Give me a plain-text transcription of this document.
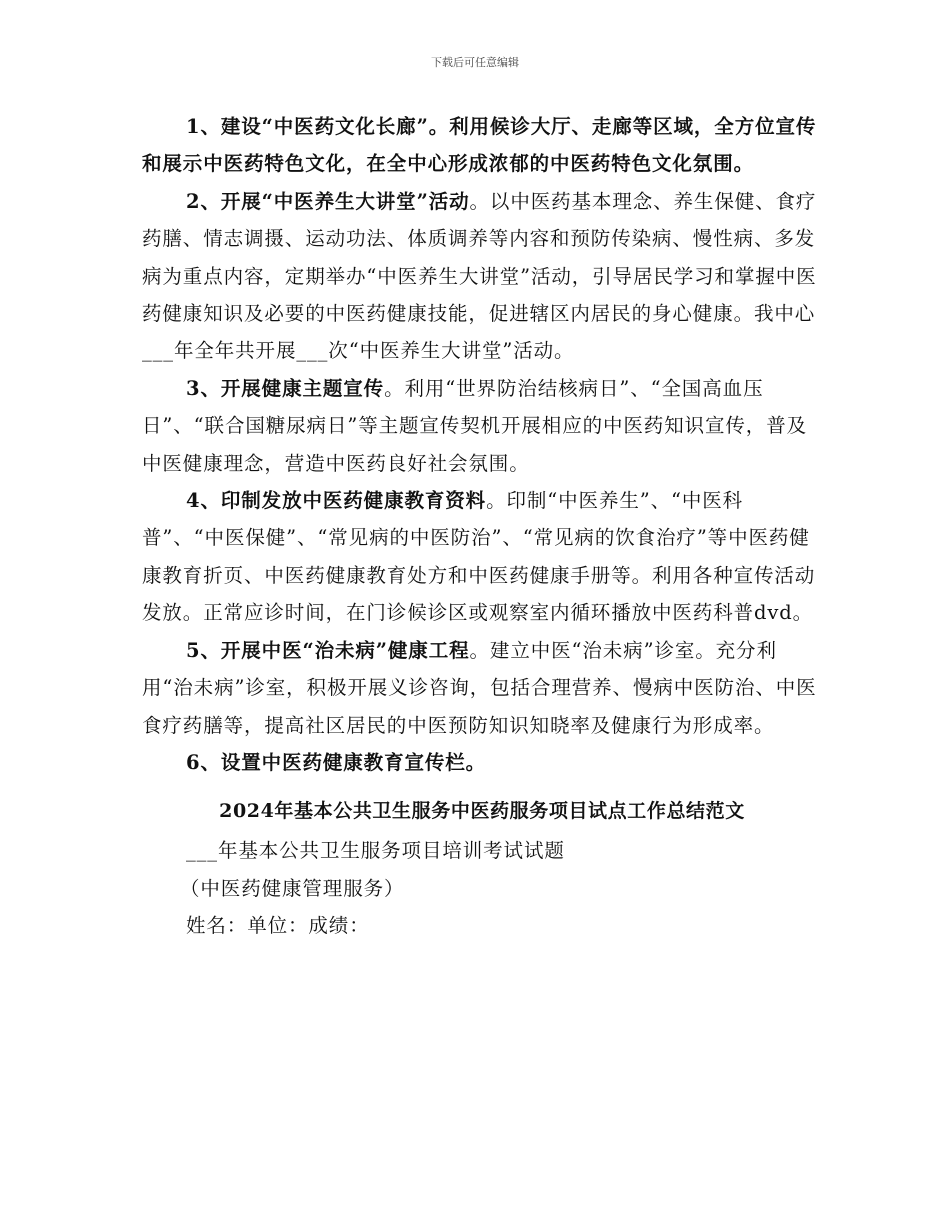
下载后可任意编辑

1、建设“中医药文化长廊”。利用候诊大厅、走廊等区域，全方位宣传和展示中医药特色文化，在全中心形成浓郁的中医药特色文化氛围。

2、开展“中医养生大讲堂”活动。以中医药基本理念、养生保健、食疗药膳、情志调摄、运动功法、体质调养等内容和预防传染病、慢性病、多发病为重点内容，定期举办“中医养生大讲堂”活动，引导居民学习和掌握中医药健康知识及必要的中医药健康技能，促进辖区内居民的身心健康。我中心___年全年共开展___次“中医养生大讲堂”活动。

3、开展健康主题宣传。利用“世界防治结核病日”、“全国高血压日”、“联合国糖尿病日”等主题宣传契机开展相应的中医药知识宣传，普及中医健康理念，营造中医药良好社会氛围。

4、印制发放中医药健康教育资料。印制“中医养生”、“中医科普”、“中医保健”、“常见病的中医防治”、“常见病的饮食治疗”等中医药健康教育折页、中医药健康教育处方和中医药健康手册等。利用各种宣传活动发放。正常应诊时间，在门诊候诊区或观察室内循环播放中医药科普dvd。

5、开展中医“治未病”健康工程。建立中医“治未病”诊室。充分利用“治未病”诊室，积极开展义诊咨询，包括合理营养、慢病中医防治、中医食疗药膳等，提高社区居民的中医预防知识知晓率及健康行为形成率。

6、设置中医药健康教育宣传栏。

2024年基本公共卫生服务中医药服务项目试点工作总结范文

___年基本公共卫生服务项目培训考试试题

（中医药健康管理服务）

姓名：单位：成绩：
